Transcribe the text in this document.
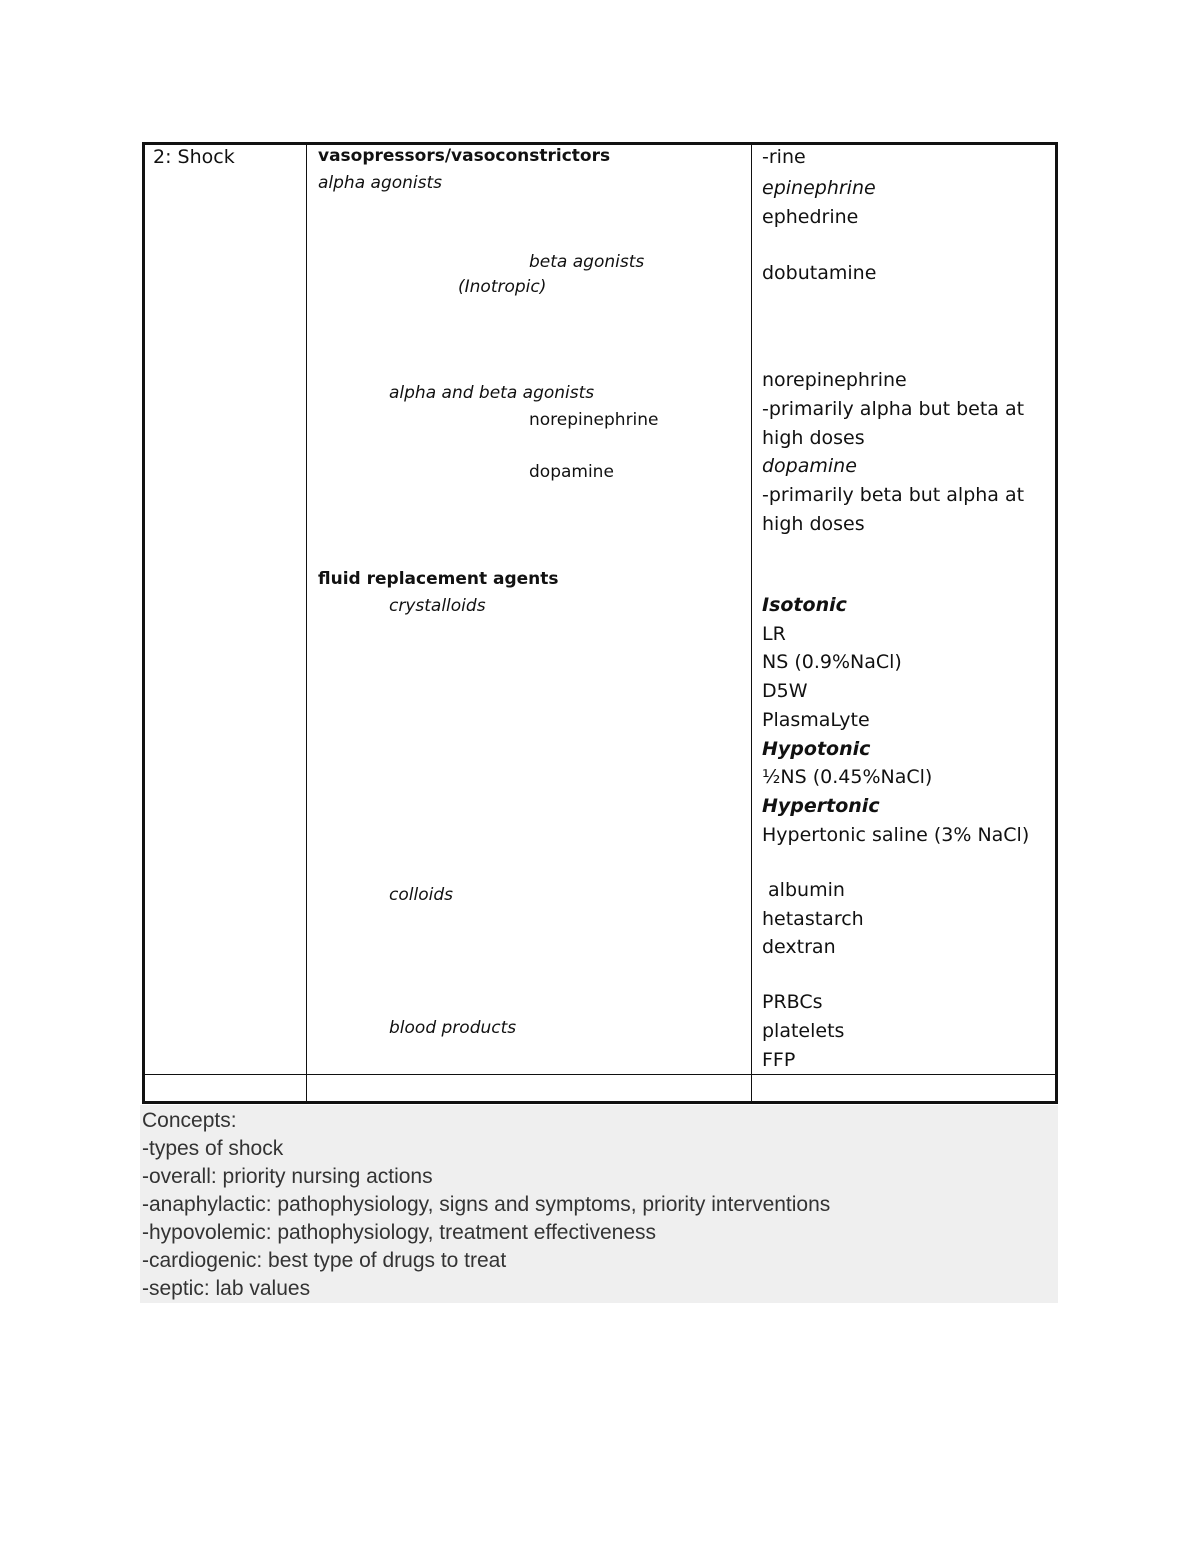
2: Shock	vasopressors/vasoconstrictors
alpha agonists
beta agonists
(Inotropic)
alpha and beta agonists
norepinephrine
dopamine
fluid replacement agents
crystalloids
colloids
blood products
-rine
epinephrine
ephedrine
dobutamine
norepinephrine
-primarily alpha but beta at
high doses
dopamine
-primarily beta but alpha at
high doses
Isotonic
LR
NS (0.9%NaCl)
D5W
PlasmaLyte
Hypotonic
½NS (0.45%NaCl)
Hypertonic
Hypertonic saline (3% NaCl)
albumin
hetastarch
dextran
PRBCs
platelets
FFP
Concepts:
-types of shock
-overall: priority nursing actions
-anaphylactic: pathophysiology, signs and symptoms, priority interventions
-hypovolemic: pathophysiology, treatment effectiveness
-cardiogenic: best type of drugs to treat
-septic: lab values
